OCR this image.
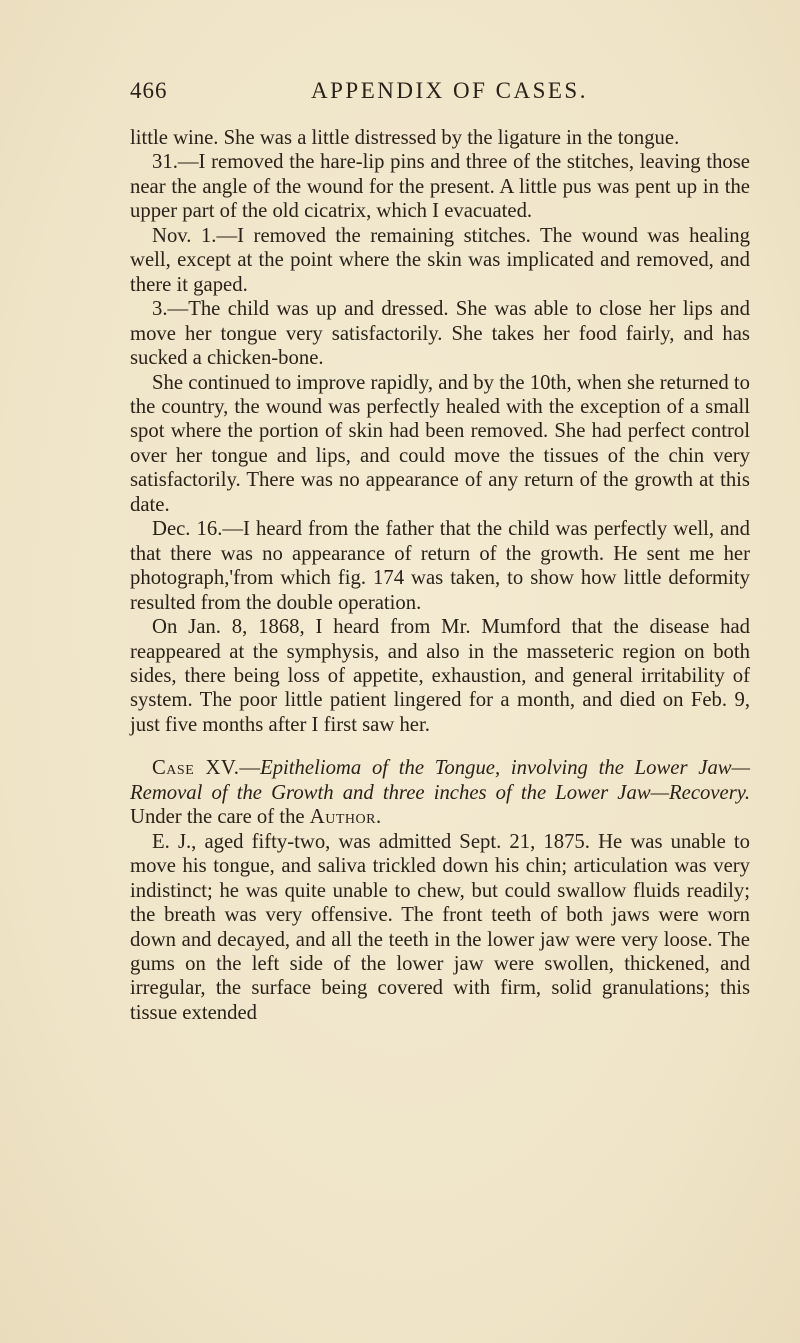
466	APPENDIX OF CASES.

little wine. She was a little distressed by the ligature in the tongue.

31.—I removed the hare-lip pins and three of the stitches, leaving those near the angle of the wound for the present. A little pus was pent up in the upper part of the old cicatrix, which I evacuated.

Nov. 1.—I removed the remaining stitches. The wound was healing well, except at the point where the skin was implicated and removed, and there it gaped.

3.—The child was up and dressed. She was able to close her lips and move her tongue very satisfactorily. She takes her food fairly, and has sucked a chicken-bone.

She continued to improve rapidly, and by the 10th, when she returned to the country, the wound was perfectly healed with the exception of a small spot where the portion of skin had been removed. She had perfect control over her tongue and lips, and could move the tissues of the chin very satisfactorily. There was no appearance of any return of the growth at this date.

Dec. 16.—I heard from the father that the child was perfectly well, and that there was no appearance of return of the growth. He sent me her photograph,'from which fig. 174 was taken, to show how little deformity resulted from the double operation.

On Jan. 8, 1868, I heard from Mr. Mumford that the disease had reappeared at the symphysis, and also in the masseteric region on both sides, there being loss of appetite, exhaustion, and general irritability of system. The poor little patient lingered for a month, and died on Feb. 9, just five months after I first saw her.

Case XV.—Epithelioma of the Tongue, involving the Lower Jaw—Removal of the Growth and three inches of the Lower Jaw—Recovery. Under the care of the Author.

E. J., aged fifty-two, was admitted Sept. 21, 1875. He was unable to move his tongue, and saliva trickled down his chin; articulation was very indistinct; he was quite unable to chew, but could swallow fluids readily; the breath was very offensive. The front teeth of both jaws were worn down and decayed, and all the teeth in the lower jaw were very loose. The gums on the left side of the lower jaw were swollen, thickened, and irregular, the surface being covered with firm, solid granulations; this tissue extended
